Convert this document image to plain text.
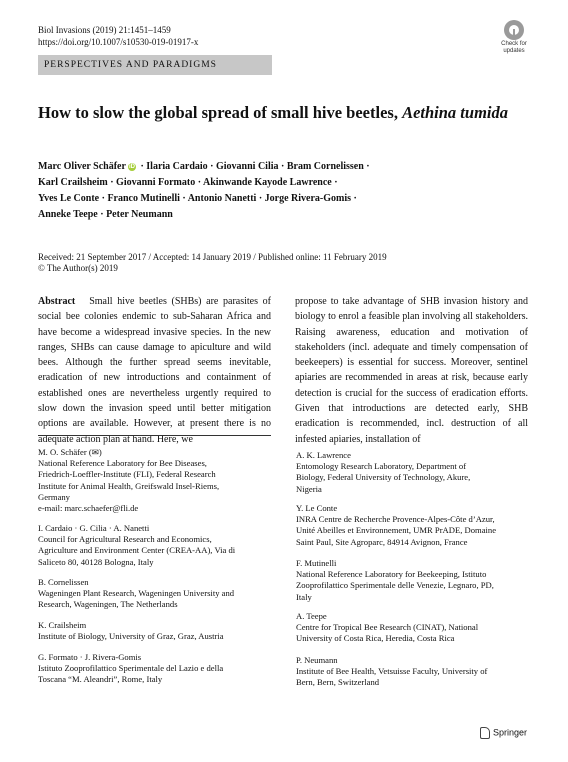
Biol Invasions (2019) 21:1451–1459
https://doi.org/10.1007/s10530-019-01917-x	Check for
updates
PERSPECTIVES AND PARADIGMS
How to slow the global spread of small hive beetles, Aethina tumida
Marc Oliver Schäfer iD · Ilaria Cardaio · Giovanni Cilia · Bram Cornelissen ·
Karl Crailsheim · Giovanni Formato · Akinwande Kayode Lawrence ·
Yves Le Conte · Franco Mutinelli · Antonio Nanetti · Jorge Rivera-Gomis ·
Anneke Teepe · Peter Neumann
Received: 21 September 2017 / Accepted: 14 January 2019 / Published online: 11 February 2019
© The Author(s) 2019
Abstract Small hive beetles (SHBs) are parasites of social bee colonies endemic to sub-Saharan Africa and have become a widespread invasive species. In the new ranges, SHBs can cause damage to apiculture and wild bees. Although the further spread seems inevitable, eradication of new introductions and containment of established ones are nevertheless urgently required to slow down the invasion speed until better mitigation options are available. However, at present there is no adequate action plan at hand. Here, we
propose to take advantage of SHB invasion history and biology to enrol a feasible plan involving all stakeholders. Raising awareness, education and motivation of stakeholders (incl. adequate and timely compensation of beekeepers) is essential for success. Moreover, sentinel apiaries are recommended in areas at risk, because early detection is crucial for the success of eradication efforts. Given that introductions are detected early, SHB eradication is recommended, incl. destruction of all infested apiaries, installation of
M. O. Schäfer (✉)
National Reference Laboratory for Bee Diseases,
Friedrich-Loeffler-Institute (FLI), Federal Research
Institute for Animal Health, Greifswald Insel-Riems,
Germany
e-mail: marc.schaefer@fli.de
I. Cardaio · G. Cilia · A. Nanetti
Council for Agricultural Research and Economics,
Agriculture and Environment Center (CREA-AA), Via di
Saliceto 80, 40128 Bologna, Italy
B. Cornelissen
Wageningen Plant Research, Wageningen University and
Research, Wageningen, The Netherlands
K. Crailsheim
Institute of Biology, University of Graz, Graz, Austria
G. Formato · J. Rivera-Gomis
Istituto Zooprofilattico Sperimentale del Lazio e della
Toscana “M. Aleandri”, Rome, Italy
A. K. Lawrence
Entomology Research Laboratory, Department of
Biology, Federal University of Technology, Akure,
Nigeria
Y. Le Conte
INRA Centre de Recherche Provence-Alpes-Côte d’Azur,
Unité Abeilles et Environnement, UMR PrADE, Domaine
Saint Paul, Site Agroparc, 84914 Avignon, France
F. Mutinelli
National Reference Laboratory for Beekeeping, Istituto
Zooprofilattico Sperimentale delle Venezie, Legnaro, PD,
Italy
A. Teepe
Centre for Tropical Bee Research (CINAT), National
University of Costa Rica, Heredia, Costa Rica
P. Neumann
Institute of Bee Health, Vetsuisse Faculty, University of
Bern, Bern, Switzerland
Springer
